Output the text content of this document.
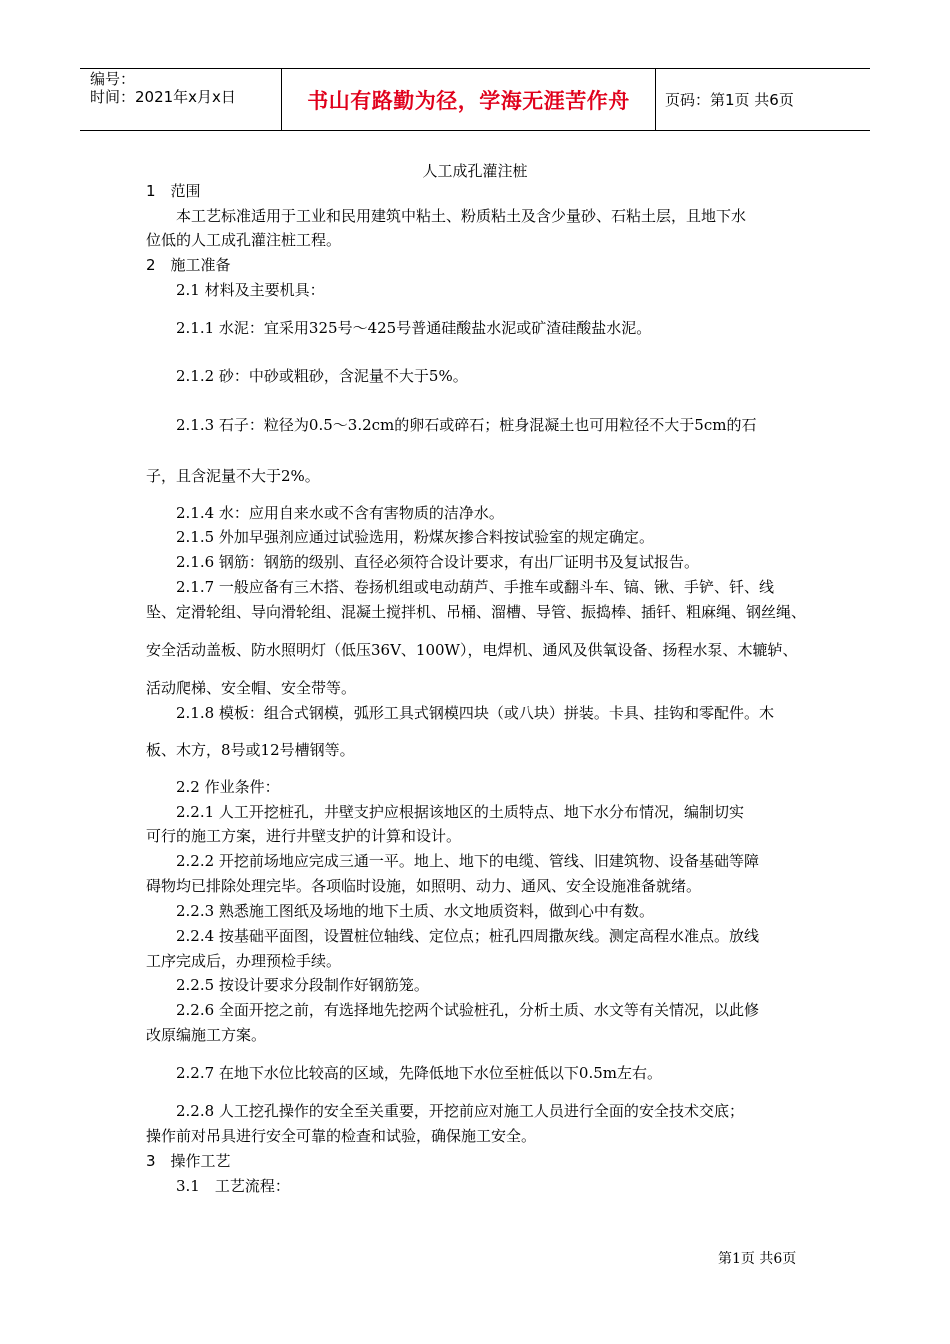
编号：
时间：2021年x月x日	书山有路勤为径，学海无涯苦作舟 页码：第1页 共6页
人工成孔灌注桩
1　范围
本工艺标准适用于工业和民用建筑中粘土、粉质粘土及含少量砂、石粘土层，且地下水
位低的人工成孔灌注桩工程。
2　施工准备
2.1 材料及主要机具：
2.1.1 水泥：宜采用325号～425号普通硅酸盐水泥或矿渣硅酸盐水泥。
2.1.2 砂：中砂或粗砂，含泥量不大于5%。
2.1.3 石子：粒径为0.5～3.2cm的卵石或碎石；桩身混凝土也可用粒径不大于5cm的石
子，且含泥量不大于2%。
2.1.4 水：应用自来水或不含有害物质的洁净水。
2.1.5 外加早强剂应通过试验选用，粉煤灰掺合料按试验室的规定确定。
2.1.6 钢筋：钢筋的级别、直径必须符合设计要求，有出厂证明书及复试报告。
2.1.7 一般应备有三木搭、卷扬机组或电动葫芦、手推车或翻斗车、镐、锹、手铲、钎、线
坠、定滑轮组、导向滑轮组、混凝土搅拌机、吊桶、溜槽、导管、振捣棒、插钎、粗麻绳、钢丝绳、
安全活动盖板、防水照明灯（低压36V、100W），电焊机、通风及供氧设备、扬程水泵、木辘轳、
活动爬梯、安全帽、安全带等。
2.1.8 模板：组合式钢模，弧形工具式钢模四块（或八块）拼装。卡具、挂钩和零配件。木
板、木方，8号或12号槽钢等。
2.2 作业条件：
2.2.1 人工开挖桩孔，井壁支护应根据该地区的土质特点、地下水分布情况，编制切实
可行的施工方案，进行井壁支护的计算和设计。
2.2.2 开挖前场地应完成三通一平。地上、地下的电缆、管线、旧建筑物、设备基础等障
碍物均已排除处理完毕。各项临时设施，如照明、动力、通风、安全设施准备就绪。
2.2.3 熟悉施工图纸及场地的地下土质、水文地质资料，做到心中有数。
2.2.4 按基础平面图，设置桩位轴线、定位点；桩孔四周撒灰线。测定高程水准点。放线
工序完成后，办理预检手续。
2.2.5 按设计要求分段制作好钢筋笼。
2.2.6 全面开挖之前，有选择地先挖两个试验桩孔，分析土质、水文等有关情况，以此修
改原编施工方案。
2.2.7 在地下水位比较高的区域，先降低地下水位至桩低以下0.5m左右。
2.2.8 人工挖孔操作的安全至关重要，开挖前应对施工人员进行全面的安全技术交底；
操作前对吊具进行安全可靠的检查和试验，确保施工安全。
3　操作工艺
3.1　工艺流程：
第1页 共6页
